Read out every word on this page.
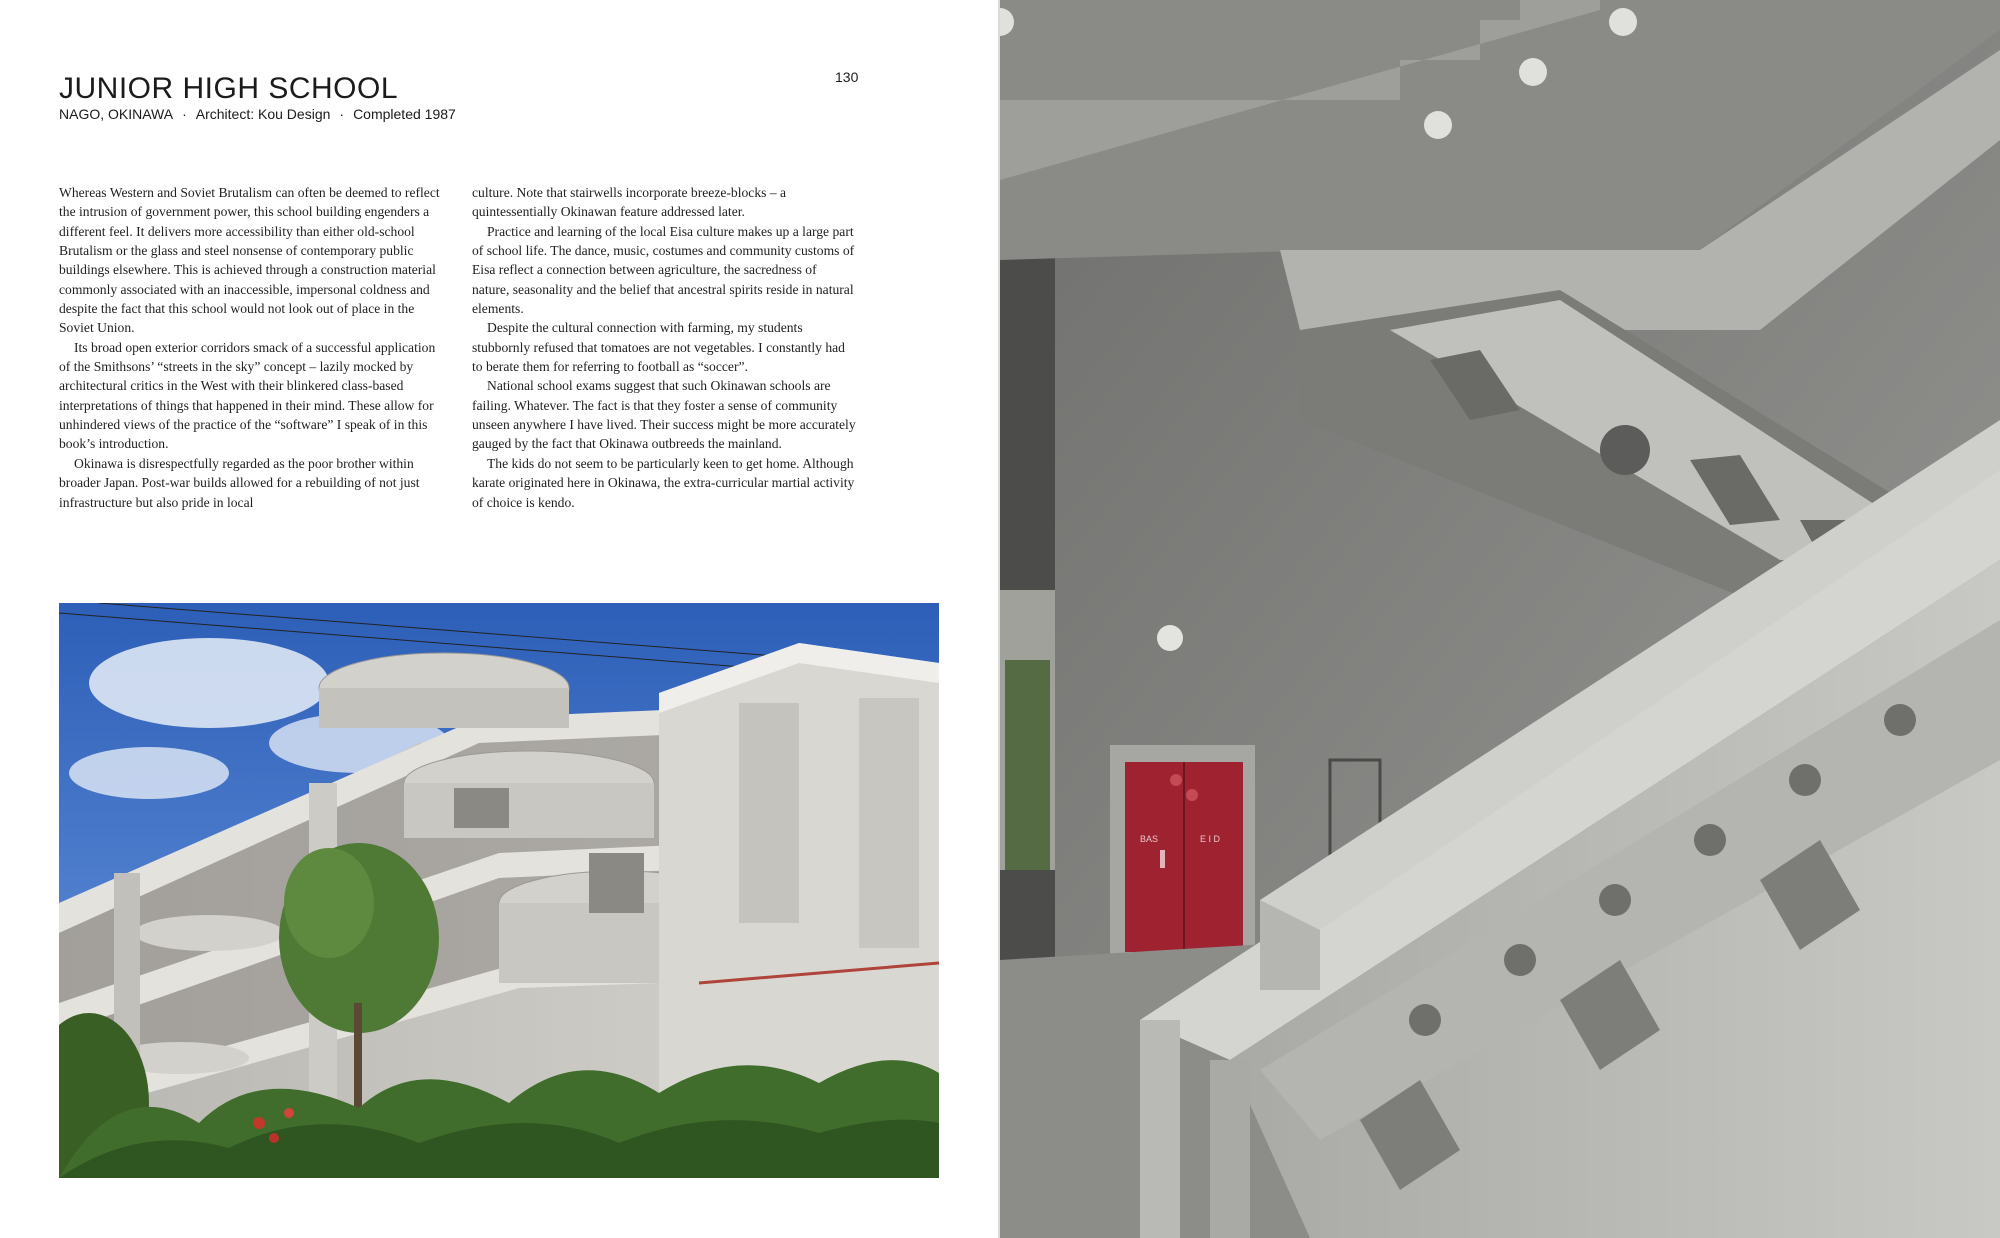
JUNIOR HIGH SCHOOL	130
NAGO, OKINAWA · Architect: Kou Design · Completed 1987

Whereas Western and Soviet Brutalism can often be deemed to reflect the intrusion of government power, this school building engenders a different feel. It delivers more accessibility than either old-school Brutalism or the glass and steel nonsense of contemporary public buildings elsewhere. This is achieved through a construction material commonly associated with an inaccessible, impersonal coldness and despite the fact that this school would not look out of place in the Soviet Union.

Its broad open exterior corridors smack of a successful application of the Smithsons’ “streets in the sky” concept – lazily mocked by architectural critics in the West with their blinkered class-based interpretations of things that happened in their mind. These allow for unhindered views of the practice of the “software” I speak of in this book’s introduction.

Okinawa is disrespectfully regarded as the poor brother within broader Japan. Post-war builds allowed for a rebuilding of not just infrastructure but also pride in local

culture. Note that stairwells incorporate breeze-blocks – a quintessentially Okinawan feature addressed later.

Practice and learning of the local Eisa culture makes up a large part of school life. The dance, music, costumes and community customs of Eisa reflect a connection between agriculture, the sacredness of nature, seasonality and the belief that ancestral spirits reside in natural elements.

Despite the cultural connection with farming, my students stubbornly refused that tomatoes are not vegetables. I constantly had to berate them for referring to football as “soccer”.

National school exams suggest that such Okinawan schools are failing. Whatever. The fact is that they foster a sense of community unseen anywhere I have lived. Their success might be more accurately gauged by the fact that Okinawa outbreeds the mainland.

The kids do not seem to be particularly keen to get home. Although karate originated here in Okinawa, the extra-curricular martial activity of choice is kendo.

BAS	E I D
